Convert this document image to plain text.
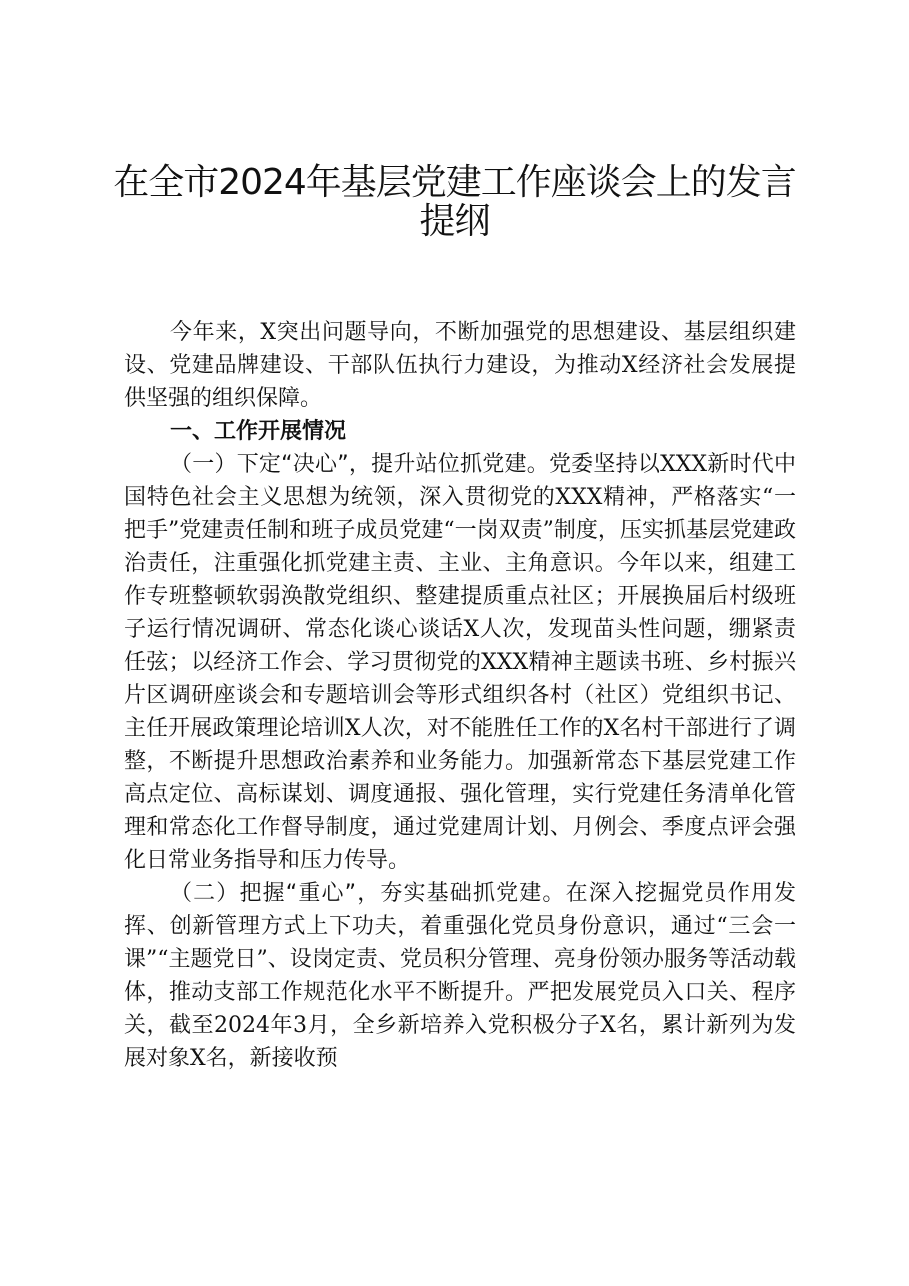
在全市2024年基层党建工作座谈会上的发言
提纲

今年来，X突出问题导向，不断加强党的思想建设、基层组织建设、党建品牌建设、干部队伍执行力建设，为推动X经济社会发展提供坚强的组织保障。

一、工作开展情况

（一）下定“决心”，提升站位抓党建。党委坚持以XXX新时代中国特色社会主义思想为统领，深入贯彻党的XXX精神，严格落实“一把手”党建责任制和班子成员党建“一岗双责”制度，压实抓基层党建政治责任，注重强化抓党建主责、主业、主角意识。今年以来，组建工作专班整顿软弱涣散党组织、整建提质重点社区；开展换届后村级班子运行情况调研、常态化谈心谈话X人次，发现苗头性问题，绷紧责任弦；以经济工作会、学习贯彻党的XXX精神主题读书班、乡村振兴片区调研座谈会和专题培训会等形式组织各村（社区）党组织书记、主任开展政策理论培训X人次，对不能胜任工作的X名村干部进行了调整，不断提升思想政治素养和业务能力。加强新常态下基层党建工作高点定位、高标谋划、调度通报、强化管理，实行党建任务清单化管理和常态化工作督导制度，通过党建周计划、月例会、季度点评会强化日常业务指导和压力传导。

（二）把握“重心”，夯实基础抓党建。在深入挖掘党员作用发挥、创新管理方式上下功夫，着重强化党员身份意识，通过“三会一课”“主题党日”、设岗定责、党员积分管理、亮身份领办服务等活动载体，推动支部工作规范化水平不断提升。严把发展党员入口关、程序关，截至2024年3月，全乡新培养入党积极分子X名，累计新列为发展对象X名，新接收预
